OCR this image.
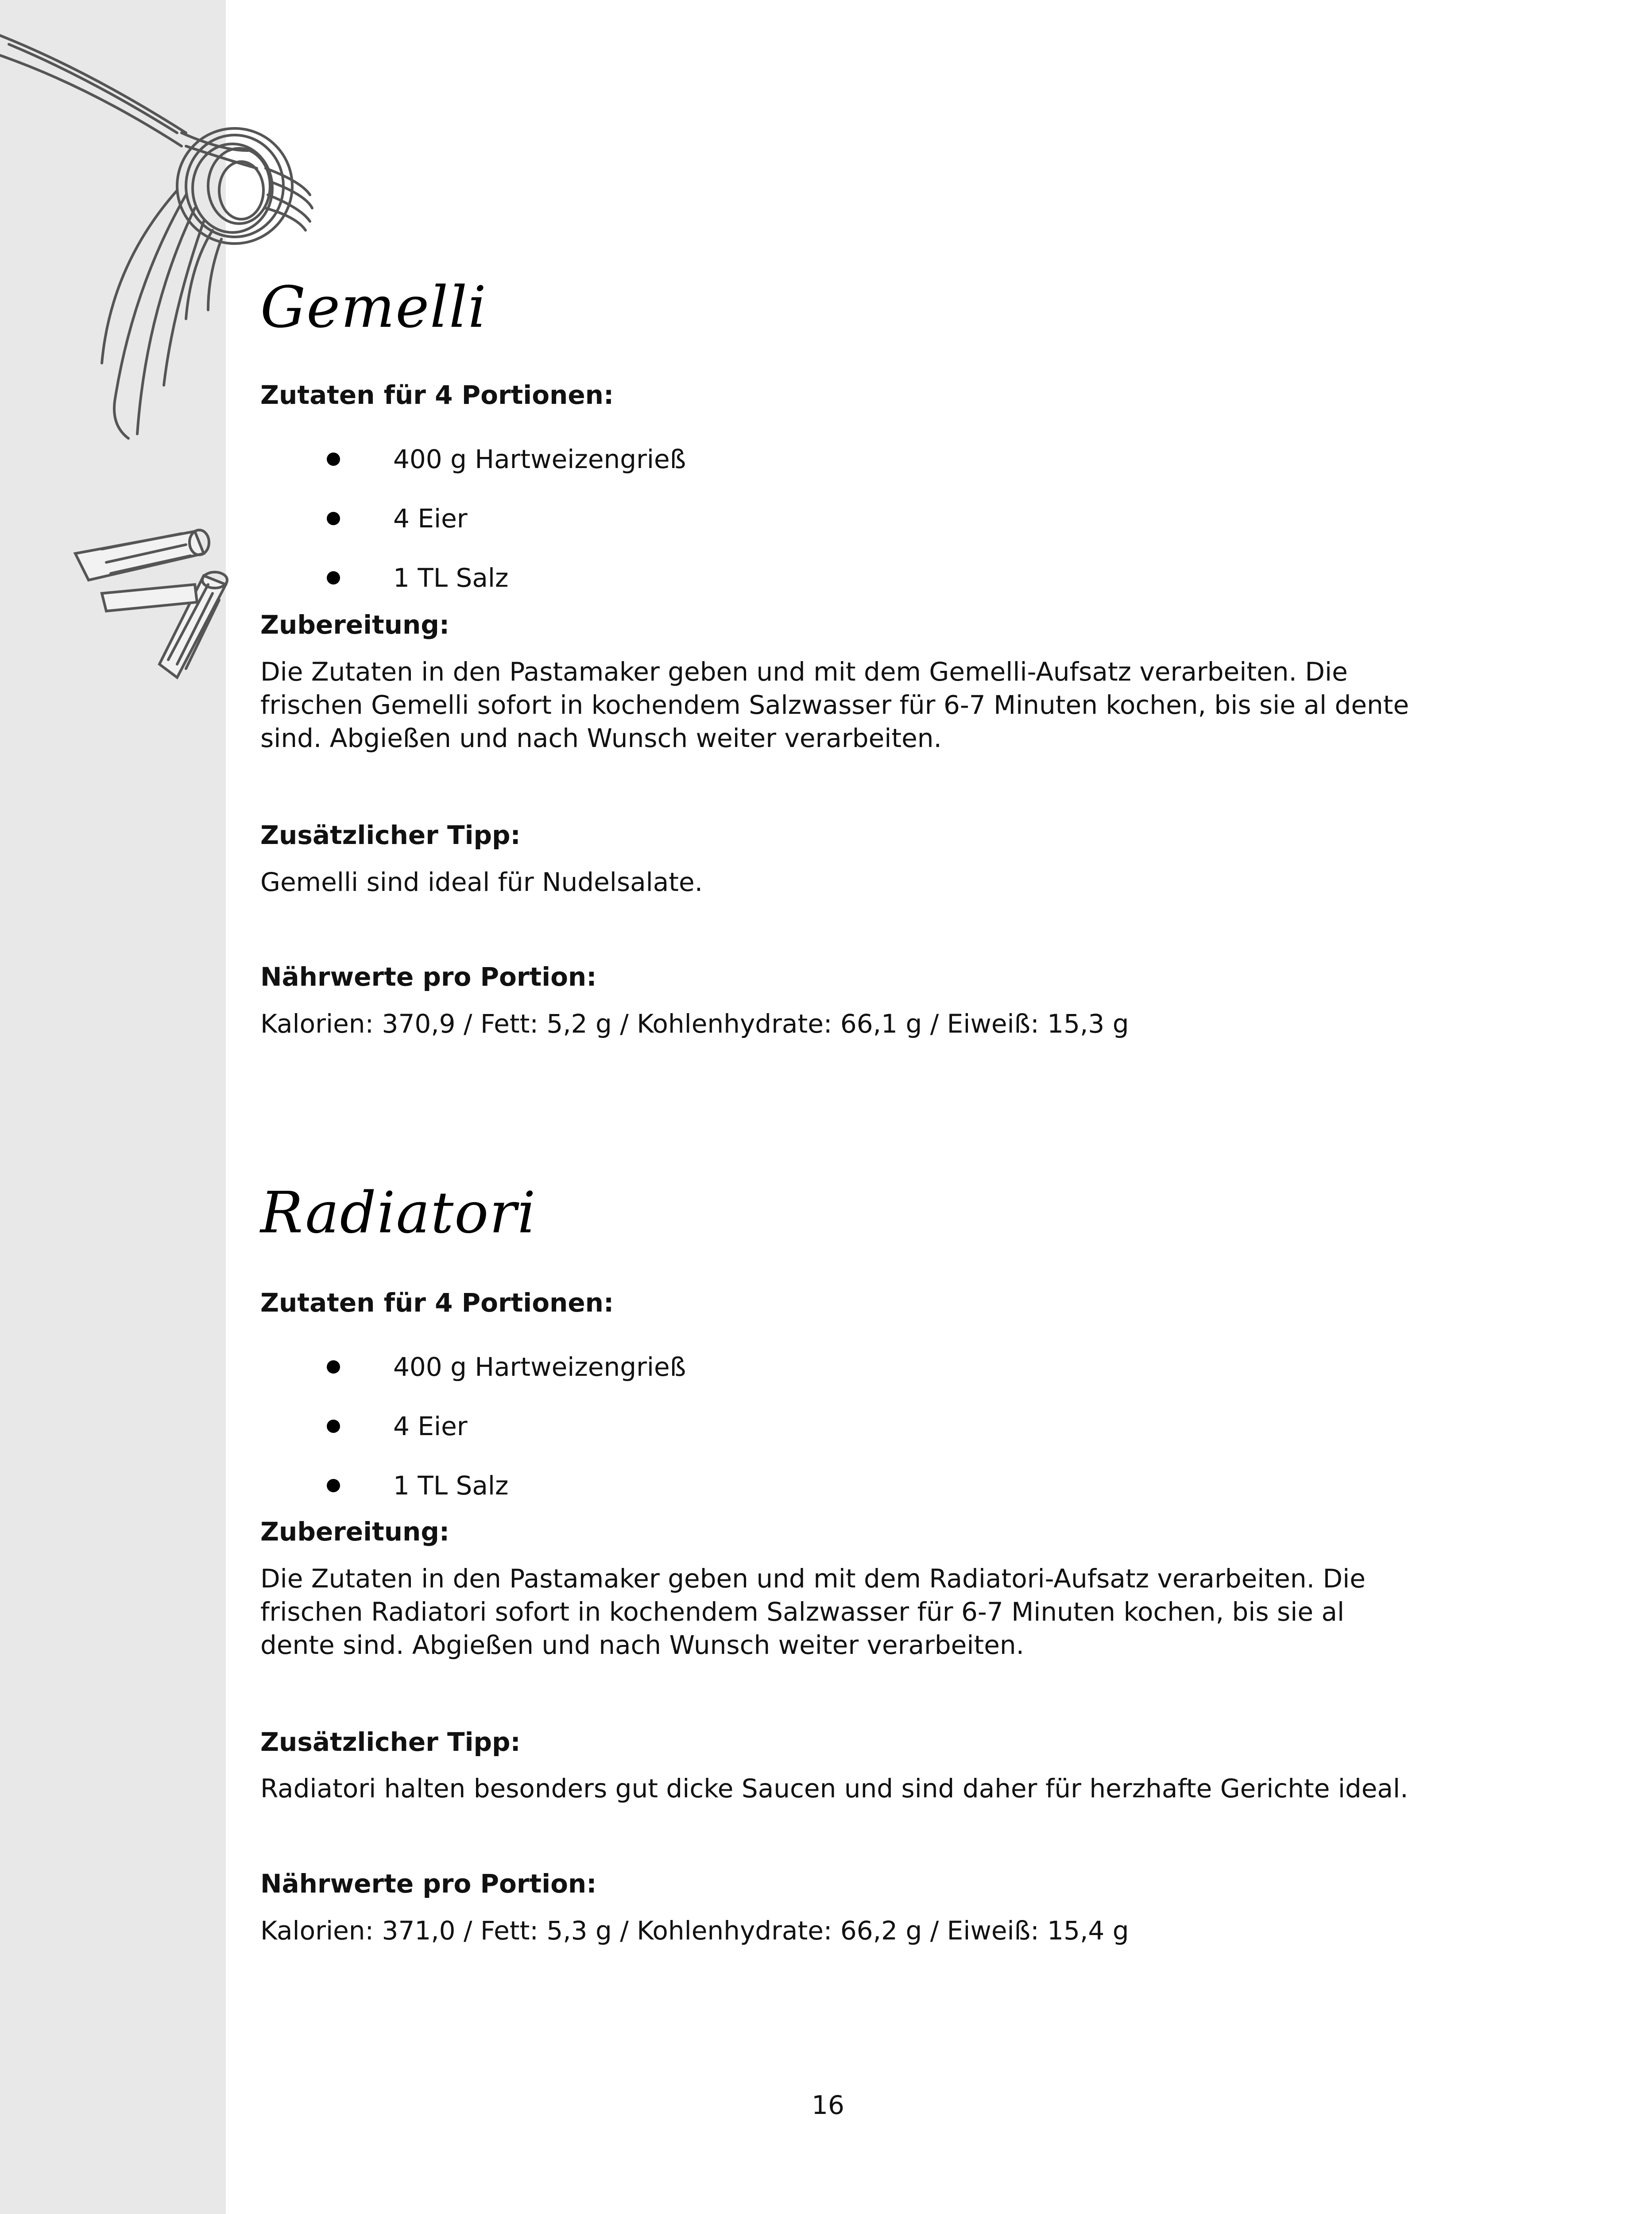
Gemelli
Zutaten für 4 Portionen:
400 g Hartweizengrieß
4 Eier
1 TL Salz
Zubereitung:

Die Zutaten in den Pastamaker geben und mit dem Gemelli-Aufsatz verarbeiten. Die frischen Gemelli sofort in kochendem Salzwasser für 6-7 Minuten kochen, bis sie al dente sind. Abgießen und nach Wunsch weiter verarbeiten.

Zusätzlicher Tipp:

Gemelli sind ideal für Nudelsalate.

Nährwerte pro Portion:

Kalorien: 370,9 / Fett: 5,2 g / Kohlenhydrate: 66,1 g / Eiweiß: 15,3 g

Radiatori
Zutaten für 4 Portionen:
400 g Hartweizengrieß
4 Eier
1 TL Salz
Zubereitung:

Die Zutaten in den Pastamaker geben und mit dem Radiatori-Aufsatz verarbeiten. Die frischen Radiatori sofort in kochendem Salzwasser für 6-7 Minuten kochen, bis sie al dente sind. Abgießen und nach Wunsch weiter verarbeiten.

Zusätzlicher Tipp:

Radiatori halten besonders gut dicke Saucen und sind daher für herzhafte Gerichte ideal.

Nährwerte pro Portion:

Kalorien: 371,0 / Fett: 5,3 g / Kohlenhydrate: 66,2 g / Eiweiß: 15,4 g

16
